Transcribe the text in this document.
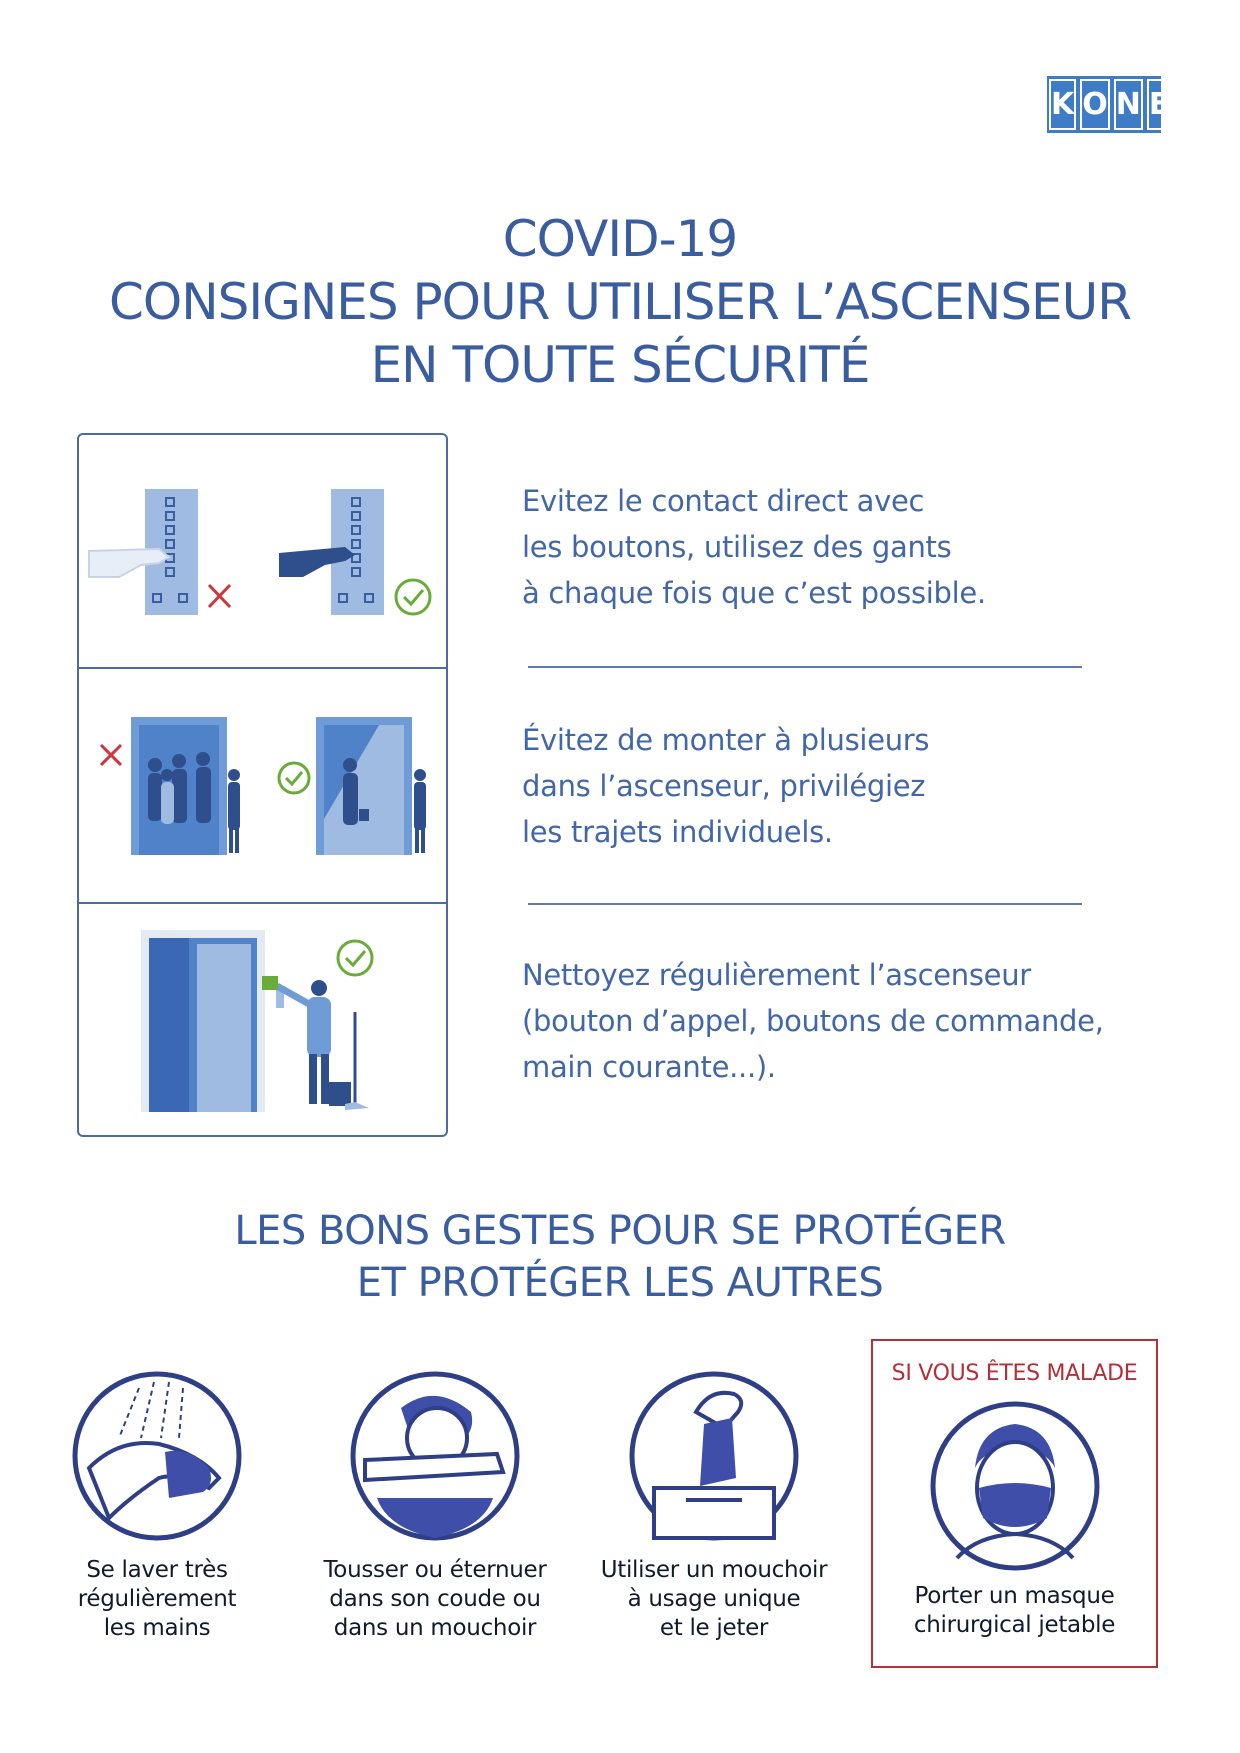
K O N E
COVID-19
CONSIGNES POUR UTILISER L’ASCENSEUR
EN TOUTE SÉCURITÉ
Evitez le contact direct avec
les boutons, utilisez des gants
à chaque fois que c’est possible.
Évitez de monter à plusieurs
dans l’ascenseur, privilégiez
les trajets individuels.
Nettoyez régulièrement l’ascenseur
(bouton d’appel, boutons de commande,
main courante...).
LES BONS GESTES POUR SE PROTÉGER
ET PROTÉGER LES AUTRES
Se laver très
régulièrement
les mains
Tousser ou éternuer
dans son coude ou
dans un mouchoir
Utiliser un mouchoir
à usage unique
et le jeter
SI VOUS ÊTES MALADE
Porter un masque
chirurgical jetable
